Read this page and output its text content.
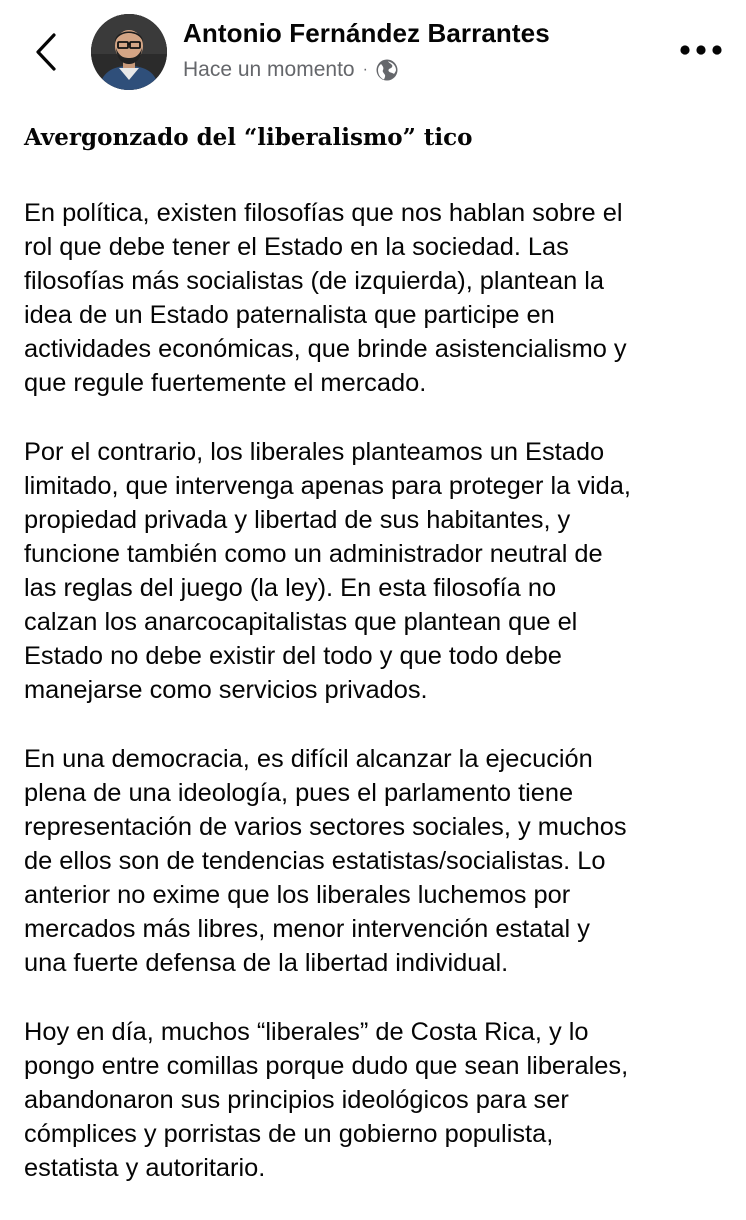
Antonio Fernández Barrantes
Hace un momento ·
Avergonzado del “liberalismo” tico
En política, existen filosofías que nos hablan sobre el
rol que debe tener el Estado en la sociedad. Las
filosofías más socialistas (de izquierda), plantean la
idea de un Estado paternalista que participe en
actividades económicas, que brinde asistencialismo y
que regule fuertemente el mercado.
Por el contrario, los liberales planteamos un Estado
limitado, que intervenga apenas para proteger la vida,
propiedad privada y libertad de sus habitantes, y
funcione también como un administrador neutral de
las reglas del juego (la ley). En esta filosofía no
calzan los anarcocapitalistas que plantean que el
Estado no debe existir del todo y que todo debe
manejarse como servicios privados.
En una democracia, es difícil alcanzar la ejecución
plena de una ideología, pues el parlamento tiene
representación de varios sectores sociales, y muchos
de ellos son de tendencias estatistas/socialistas. Lo
anterior no exime que los liberales luchemos por
mercados más libres, menor intervención estatal y
una fuerte defensa de la libertad individual.
Hoy en día, muchos “liberales” de Costa Rica, y lo
pongo entre comillas porque dudo que sean liberales,
abandonaron sus principios ideológicos para ser
cómplices y porristas de un gobierno populista,
estatista y autoritario.
